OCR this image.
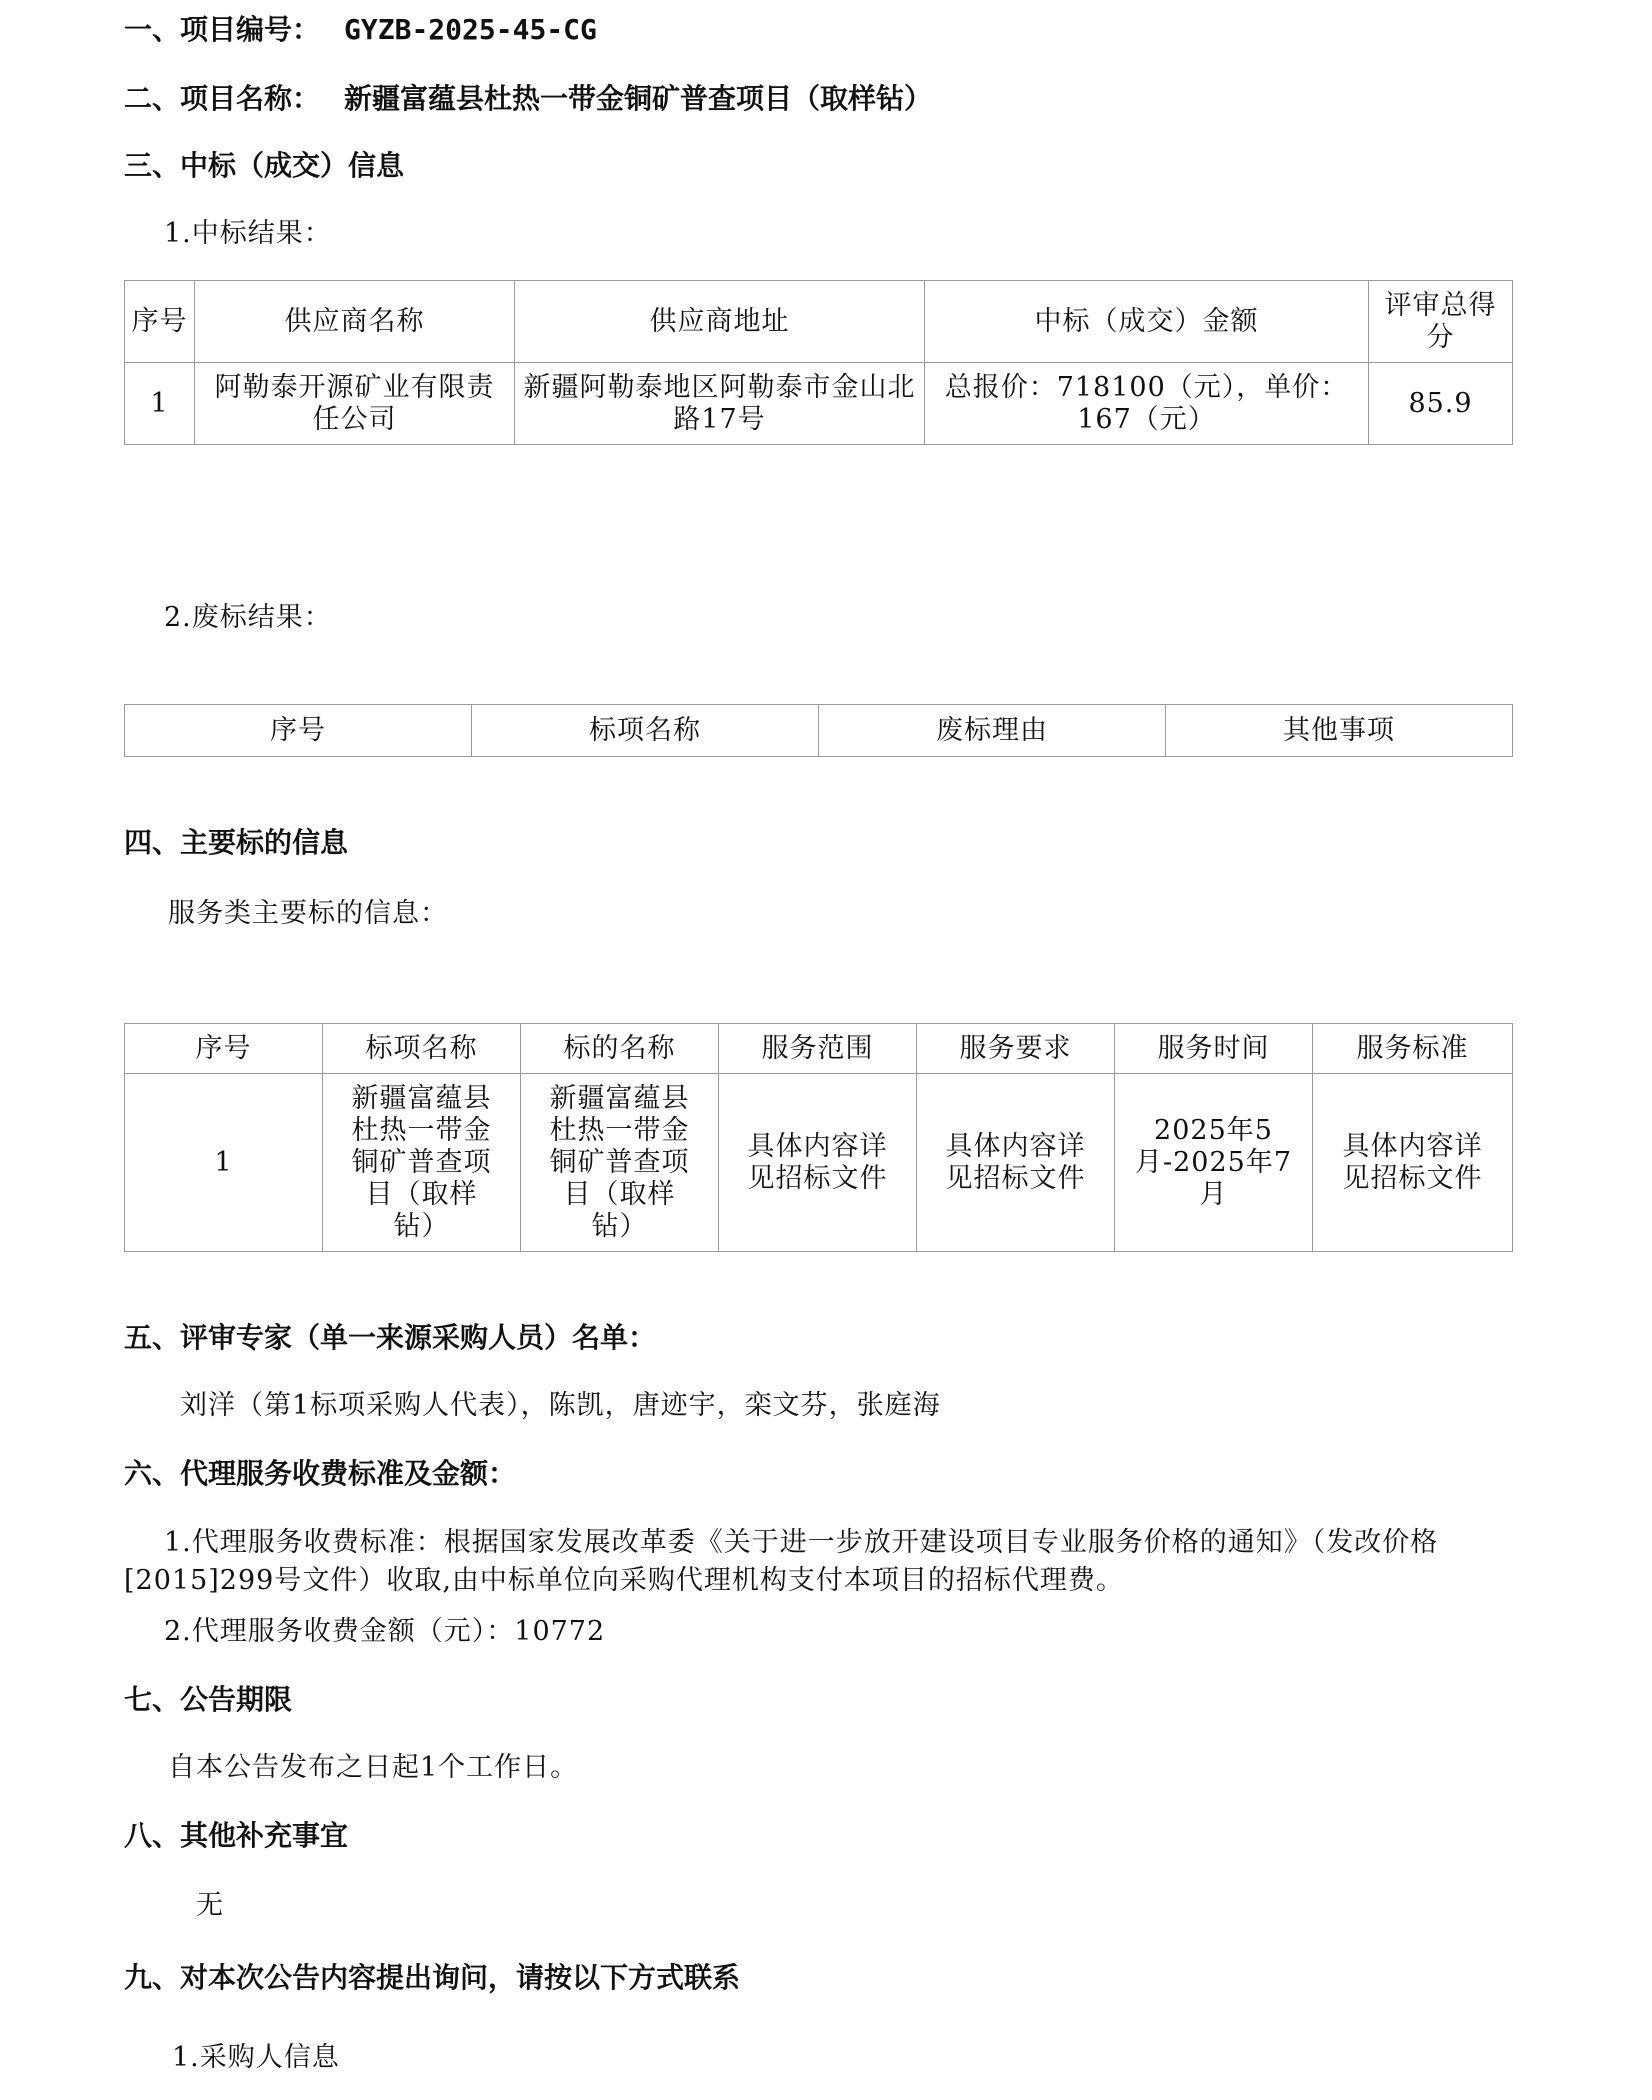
一、项目编号： GYZB-2025-45-CG
二、项目名称： 新疆富蕴县杜热一带金铜矿普查项目（取样钻）
三、中标（成交）信息
1.中标结果：
序号	供应商名称	供应商地址	中标（成交）金额	评审总得分
1	阿勒泰开源矿业有限责任公司	新疆阿勒泰地区阿勒泰市金山北路17号	总报价：718100（元），单价：167（元）	85.9
2.废标结果：
序号	标项名称	废标理由	其他事项
四、主要标的信息
服务类主要标的信息：
序号	标项名称	标的名称	服务范围	服务要求	服务时间	服务标准
1	新疆富蕴县杜热一带金铜矿普查项目（取样钻）	新疆富蕴县杜热一带金铜矿普查项目（取样钻）	具体内容详见招标文件	具体内容详见招标文件	2025年5月-2025年7月	具体内容详见招标文件
五、评审专家（单一来源采购人员）名单：
刘洋（第1标项采购人代表），陈凯，唐迹宇，栾文芬，张庭海
六、代理服务收费标准及金额：
1.代理服务收费标准：根据国家发展改革委《关于进一步放开建设项目专业服务价格的通知》（发改价格[2015]299号文件）收取,由中标单位向采购代理机构支付本项目的招标代理费。
2.代理服务收费金额（元）：10772
七、公告期限
自本公告发布之日起1个工作日。
八、其他补充事宜
无
九、对本次公告内容提出询问，请按以下方式联系
1.采购人信息
